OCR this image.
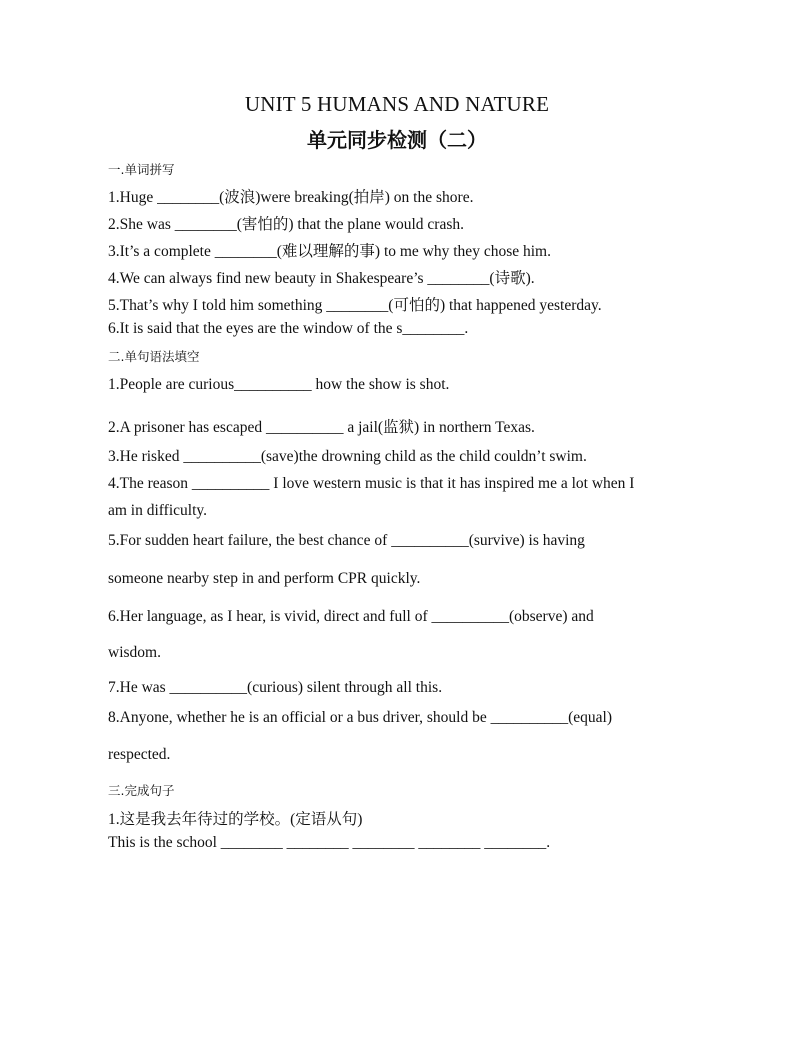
UNIT 5 HUMANS AND NATURE
单元同步检测（二）
一.单词拼写
1.Huge ________(波浪)were breaking(拍岸) on the shore.
2.She was ________(害怕的) that the plane would crash.
3.It’s a complete ________(难以理解的事) to me why they chose him.
4.We can always find new beauty in Shakespeare’s ________(诗歌).
5.That’s why I told him something ________(可怕的) that happened yesterday.
6.It is said that the eyes are the window of the s________.
二.单句语法填空
1.People are curious__________ how the show is shot.
2.A prisoner has escaped __________ a jail(监狱) in northern Texas.
3.He risked __________(save)the drowning child as the child couldn’t swim.
4.The reason __________ I love western music is that it has inspired me a lot when I
am in difficulty.
5.For sudden heart failure, the best chance of __________(survive) is having
someone nearby step in and perform CPR quickly.
6.Her language, as I hear, is vivid, direct and full of __________(observe) and
wisdom.
7.He was __________(curious) silent through all this.
8.Anyone, whether he is an official or a bus driver, should be __________(equal)
respected.
三.完成句子
1.这是我去年待过的学校。(定语从句)
This is the school ________ ________ ________ ________ ________.
